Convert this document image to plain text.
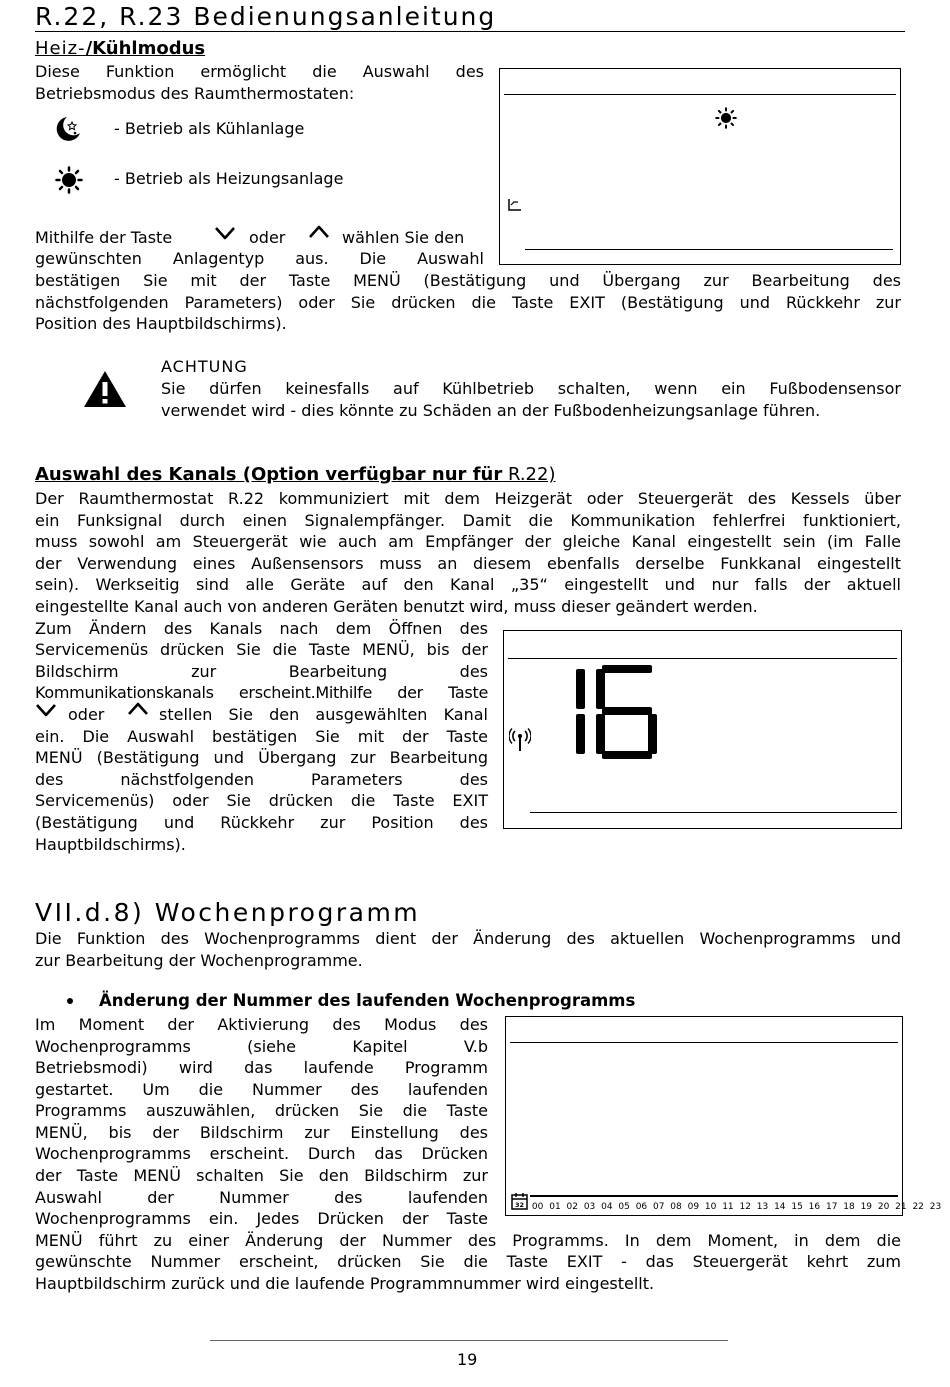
R.22, R.23 Bedienungsanleitung
Heiz-/Kühlmodus
Diese Funktion ermöglicht die Auswahl des
Betriebsmodus des Raumthermostaten:
- Betrieb als Kühlanlage
- Betrieb als Heizungsanlage
Mithilfe der Taste	oder	wählen Sie den
gewünschten Anlagentyp aus. Die Auswahl
bestätigen Sie mit der Taste MENÜ (Bestätigung und Übergang zur Bearbeitung des
nächstfolgenden Parameters) oder Sie drücken die Taste EXIT (Bestätigung und Rückkehr zur
Position des Hauptbildschirms).
ACHTUNG
Sie dürfen keinesfalls auf Kühlbetrieb schalten, wenn ein Fußbodensensor
verwendet wird - dies könnte zu Schäden an der Fußbodenheizungsanlage führen.
Auswahl des Kanals (Option verfügbar nur für R.22)
Der Raumthermostat R.22 kommuniziert mit dem Heizgerät oder Steuergerät des Kessels über
ein Funksignal durch einen Signalempfänger. Damit die Kommunikation fehlerfrei funktioniert,
muss sowohl am Steuergerät wie auch am Empfänger der gleiche Kanal eingestellt sein (im Falle
der Verwendung eines Außensensors muss an diesem ebenfalls derselbe Funkkanal eingestellt
sein). Werkseitig sind alle Geräte auf den Kanal „35“ eingestellt und nur falls der aktuell
eingestellte Kanal auch von anderen Geräten benutzt wird, muss dieser geändert werden.
Zum Ändern des Kanals nach dem Öffnen des
Servicemenüs drücken Sie die Taste MENÜ, bis der
Bildschirm zur Bearbeitung des
Kommunikationskanals erscheint.Mithilfe der Taste
oder	stellen Sie den ausgewählten Kanal
ein. Die Auswahl bestätigen Sie mit der Taste
MENÜ (Bestätigung und Übergang zur Bearbeitung
des nächstfolgenden Parameters des
Servicemenüs) oder Sie drücken die Taste EXIT
(Bestätigung und Rückkehr zur Position des
Hauptbildschirms).
VII.d.8) Wochenprogramm
Die Funktion des Wochenprogramms dient der Änderung des aktuellen Wochenprogramms und
zur Bearbeitung der Wochenprogramme.
Änderung der Nummer des laufenden Wochenprogramms
Im Moment der Aktivierung des Modus des
Wochenprogramms (siehe Kapitel V.b
Betriebsmodi) wird das laufende Programm
gestartet. Um die Nummer des laufenden
Programms auszuwählen, drücken Sie die Taste
MENÜ, bis der Bildschirm zur Einstellung des
Wochenprogramms erscheint. Durch das Drücken
der Taste MENÜ schalten Sie den Bildschirm zur
Auswahl der Nummer des laufenden
Wochenprogramms ein. Jedes Drücken der Taste
MENÜ führt zu einer Änderung der Nummer des Programms. In dem Moment, in dem die
gewünschte Nummer erscheint, drücken Sie die Taste EXIT - das Steuergerät kehrt zum
Hauptbildschirm zurück und die laufende Programmnummer wird eingestellt.
32 00 01 02 03 04 05 06 07 08 09 10 11 12 13 14 15 16 17 18 19 20 21 22 23
19
